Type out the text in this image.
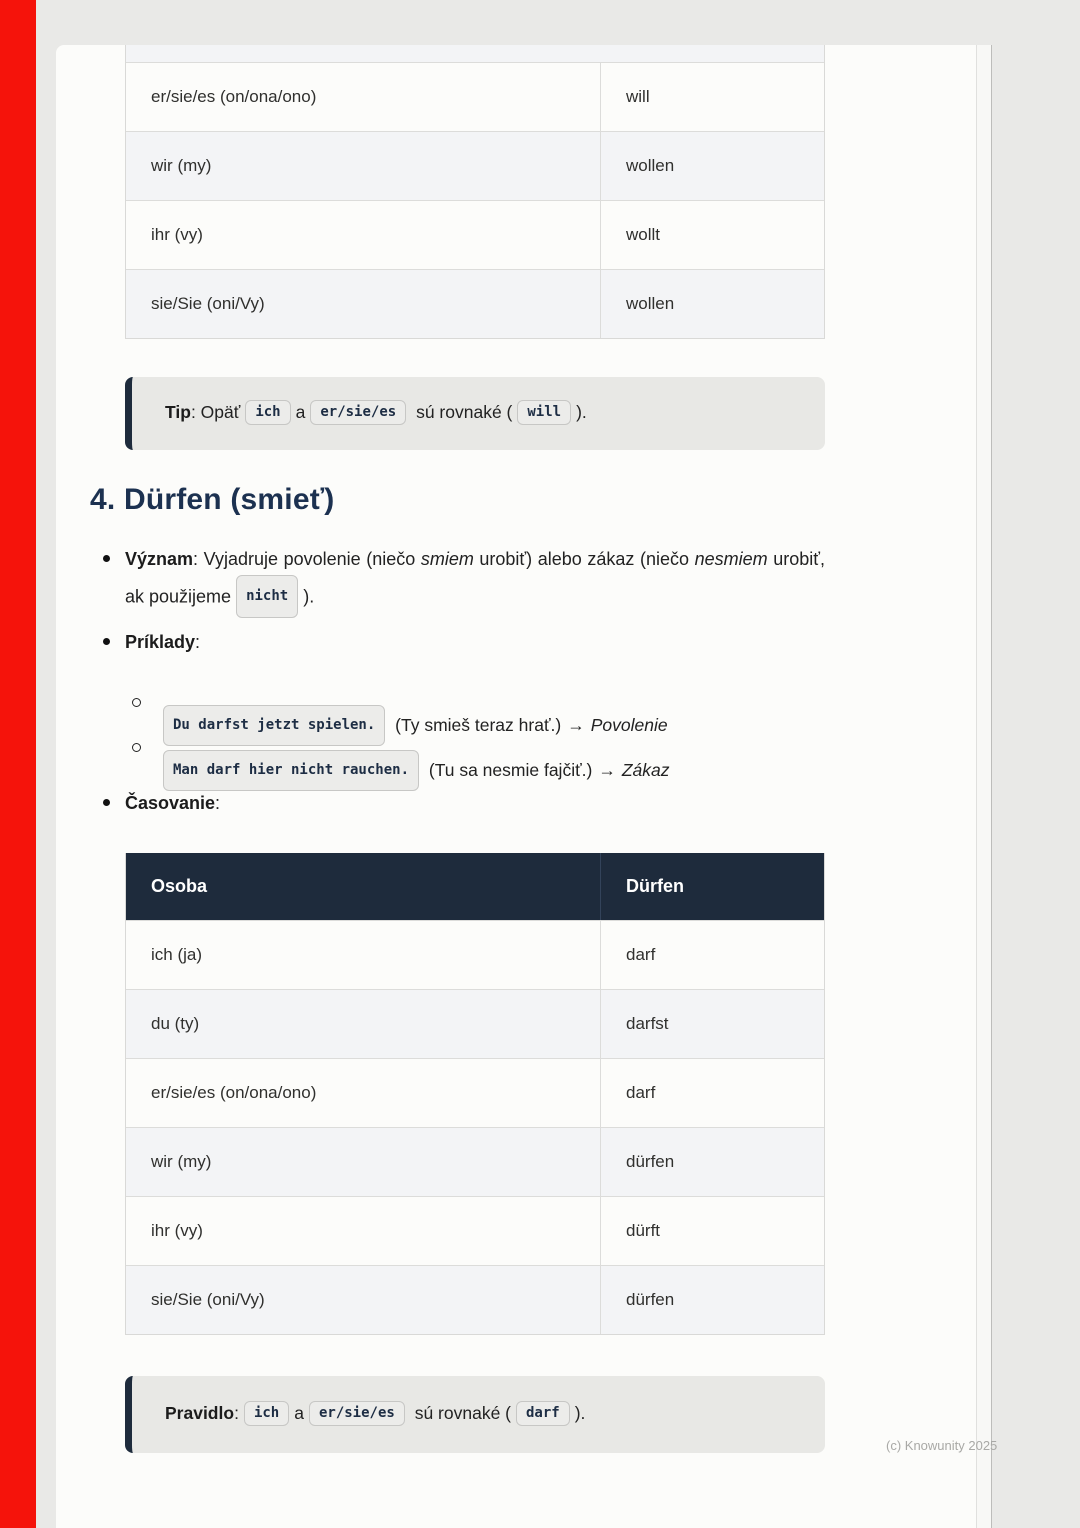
er/sie/es (on/ona/ono)	will
wir (my)	wollen
ihr (vy)	wollt
sie/Sie (oni/Vy)	wollen

Tip: Opäť ich a er/sie/es sú rovnaké ( will ).

4. Dürfen (smieť)

Význam: Vyjadruje povolenie (niečo smiem urobiť) alebo zákaz (niečo nesmiem urobiť, ak použijeme nicht ).

Príklady:

Du darfst jetzt spielen. (Ty smieš teraz hrať.) → Povolenie

Man darf hier nicht rauchen. (Tu sa nesmie fajčiť.) → Zákaz

Časovanie:

Osoba	Dürfen
ich (ja)	darf
du (ty)	darfst
er/sie/es (on/ona/ono)	darf
wir (my)	dürfen
ihr (vy)	dürft
sie/Sie (oni/Vy)	dürfen

Pravidlo: ich a er/sie/es sú rovnaké ( darf ).

(c) Knowunity 2025
